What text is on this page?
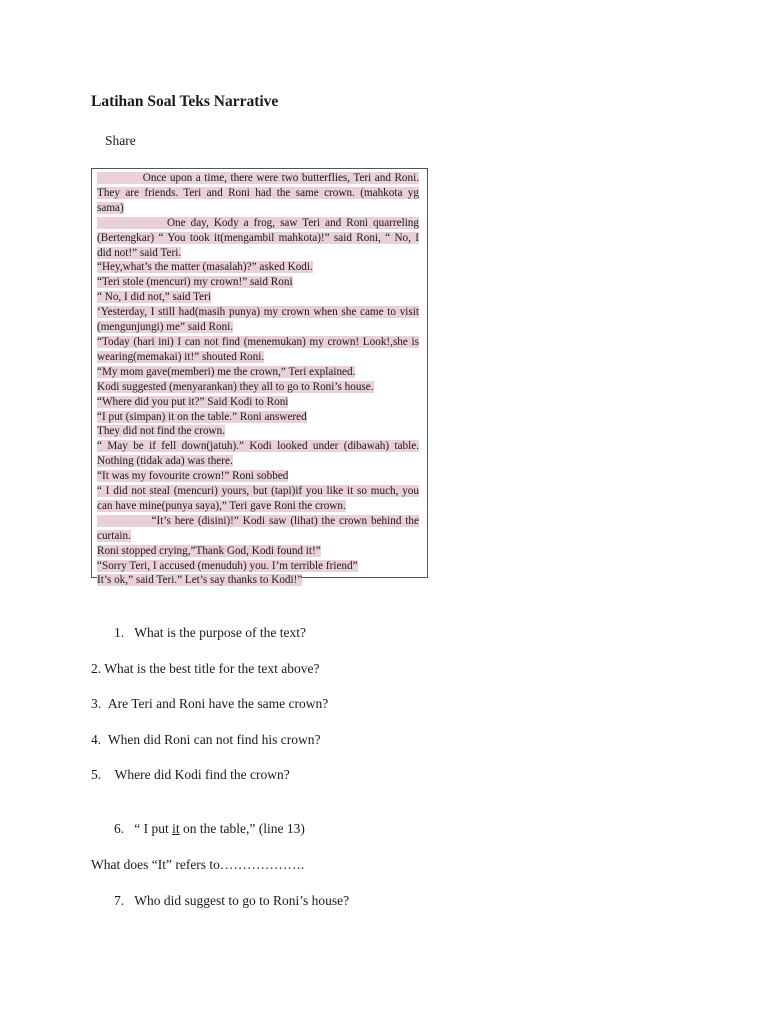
Latihan Soal Teks Narrative
Share

Once upon a time, there were two butterflies, Teri and Roni. They are friends. Teri and Roni had the same crown. (mahkota yg sama)

One day, Kody a frog, saw Teri and Roni quarreling (Bertengkar) “ You took it(mengambil mahkota)!” said Roni, “ No, I did not!” said Teri.

“Hey,what’s the matter (masalah)?” asked Kodi.

“Teri stole (mencuri) my crown!” said Roni

“ No, I did not,” said Teri

‘Yesterday, I still had(masih punya) my crown when she came to visit (mengunjungi) me” said Roni.

“Today (hari ini) I can not find (menemukan) my crown! Look!,she is wearing(memakai) it!” shouted Roni.

“My mom gave(memberi) me the crown,” Teri explained.

Kodi suggested (menyarankan) they all to go to Roni’s house.

“Where did you put it?” Said Kodi to Roni

“I put (simpan) it on the table.” Roni answered

They did not find the crown.

“ May be if fell down(jatuh).” Kodi looked under (dibawah) table. Nothing (tidak ada) was there.

“It was my fovourite crown!” Roni sobbed

“ I did not steal (mencuri) yours, but (tapi)if you like it so much, you can have mine(punya saya),” Teri gave Roni the crown.

“It’s here (disini)!” Kodi saw (lihat) the crown behind the curtain.

Roni stopped crying,”Thank God, Kodi found it!”

“Sorry Teri, I accused (menuduh) you. I’m terrible friend”

It’s ok,” said Teri.” Let’s say thanks to Kodi!”

1.   What is the purpose of the text?
2. What is the best title for the text above?
3.  Are Teri and Roni have the same crown?
4.  When did Roni can not find his crown?
5.    Where did Kodi find the crown?
6.   “ I put it on the table,” (line 13)
What does “It” refers to……………….
7.   Who did suggest to go to Roni’s house?
